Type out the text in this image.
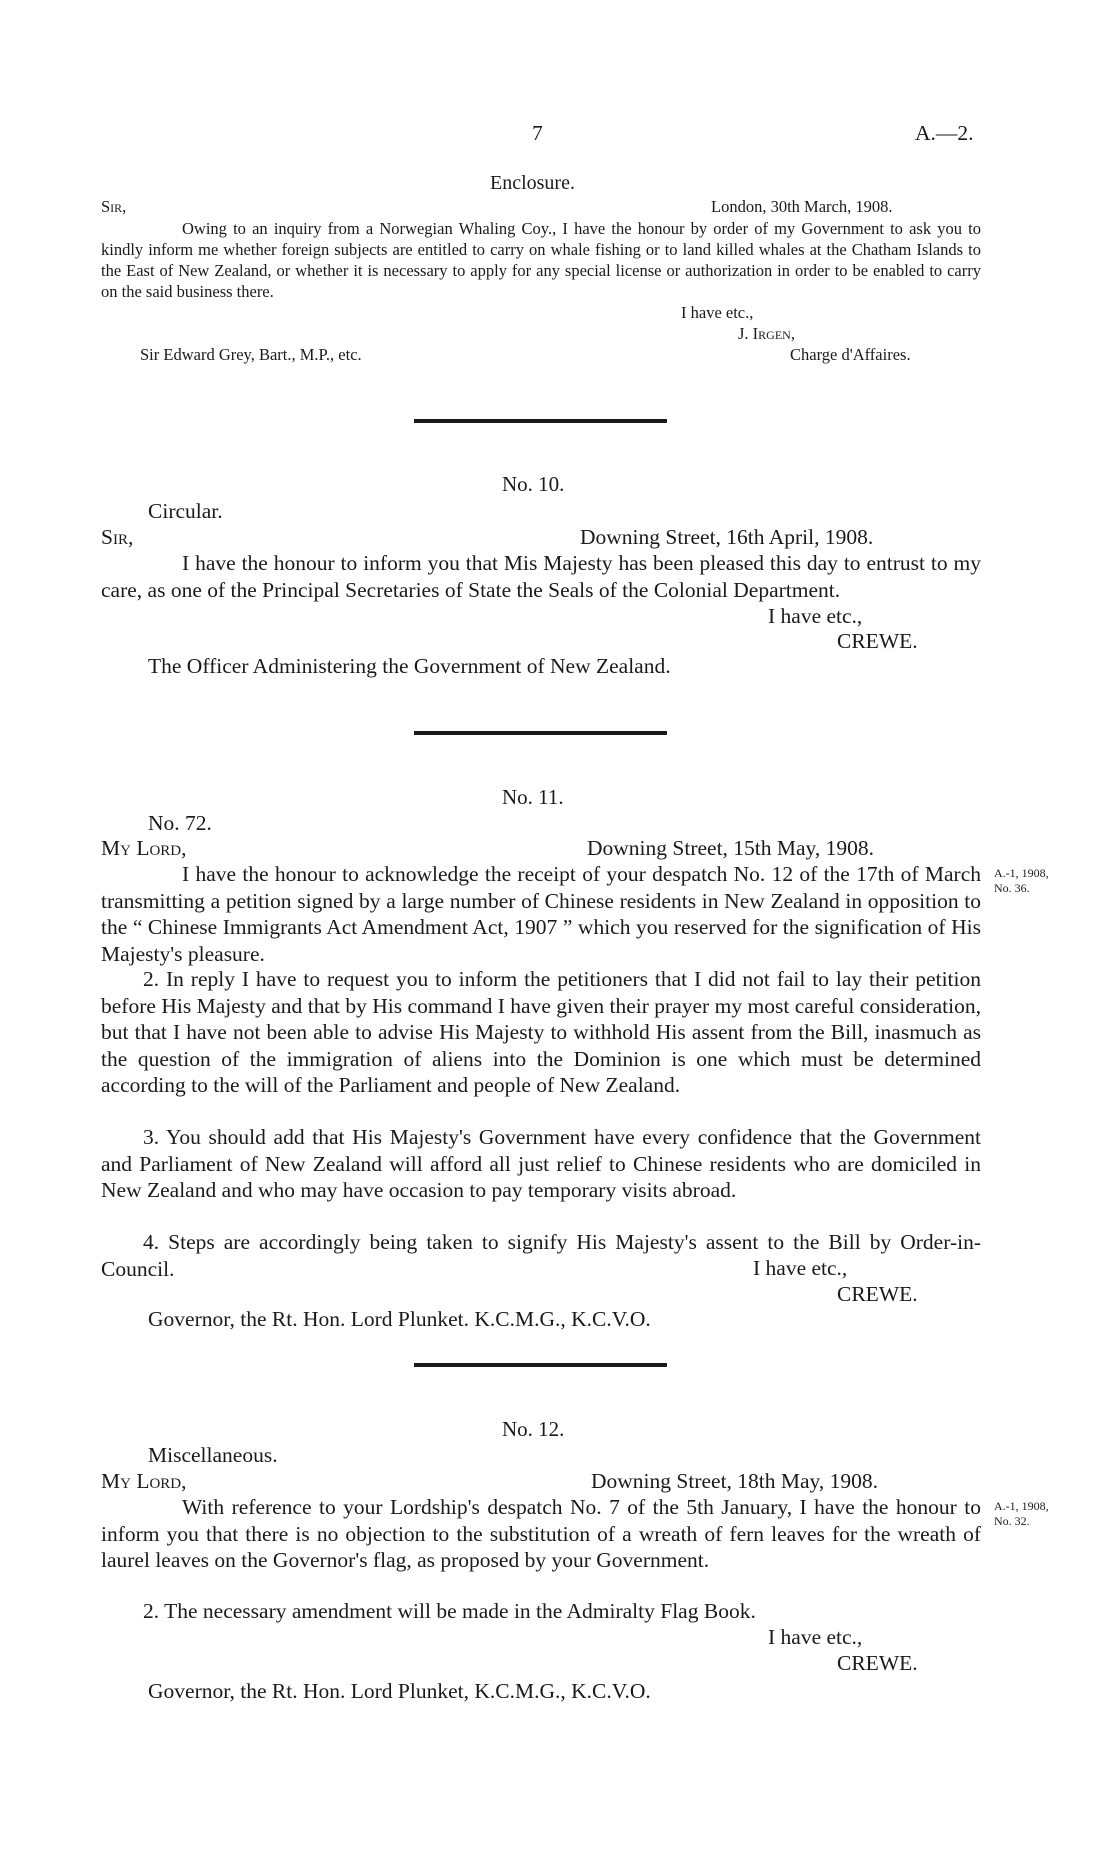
7	A.—2.
Enclosure.
Sir,	London, 30th March, 1908.
Owing to an inquiry from a Norwegian Whaling Coy., I have the honour by order of my Government to ask you to kindly inform me whether foreign subjects are entitled to carry on whale fishing or to land killed whales at the Chatham Islands to the East of New Zealand, or whether it is necessary to apply for any special license or authorization in order to be enabled to carry on the said business there.
I have etc.,
J. Irgen,
Sir Edward Grey, Bart., M.P., etc.	Charge d'Affaires.
No. 10.
Circular.
Sir,	Downing Street, 16th April, 1908.
I have the honour to inform you that Mis Majesty has been pleased this day to entrust to my care, as one of the Principal Secretaries of State the Seals of the Colonial Department.
I have etc.,
CREWE.
The Officer Administering the Government of New Zealand.
No. 11.
No. 72.
My Lord,	Downing Street, 15th May, 1908.
I have the honour to acknowledge the receipt of your despatch No. 12 of the 17th of March transmitting a petition signed by a large number of Chinese residents in New Zealand in opposition to the “ Chinese Immigrants Act Amendment Act, 1907 ” which you reserved for the signification of His Majesty's pleasure.
2. In reply I have to request you to inform the petitioners that I did not fail to lay their petition before His Majesty and that by His command I have given their prayer my most careful consideration, but that I have not been able to advise His Majesty to withhold His assent from the Bill, inasmuch as the question of the immigration of aliens into the Dominion is one which must be determined according to the will of the Parliament and people of New Zealand.
3. You should add that His Majesty's Government have every confidence that the Government and Parliament of New Zealand will afford all just relief to Chinese residents who are domiciled in New Zealand and who may have occasion to pay temporary visits abroad.
4. Steps are accordingly being taken to signify His Majesty's assent to the Bill by Order-in-Council.	I have etc.,
CREWE.
Governor, the Rt. Hon. Lord Plunket. K.C.M.G., K.C.V.O.
A.-1, 1908,
No. 36.
No. 12.
Miscellaneous.
My Lord,	Downing Street, 18th May, 1908.
With reference to your Lordship's despatch No. 7 of the 5th January, I have the honour to inform you that there is no objection to the substitution of a wreath of fern leaves for the wreath of laurel leaves on the Governor's flag, as proposed by your Government.
2. The necessary amendment will be made in the Admiralty Flag Book.
I have etc.,
CREWE.
Governor, the Rt. Hon. Lord Plunket, K.C.M.G., K.C.V.O.
A.-1, 1908,
No. 32.
